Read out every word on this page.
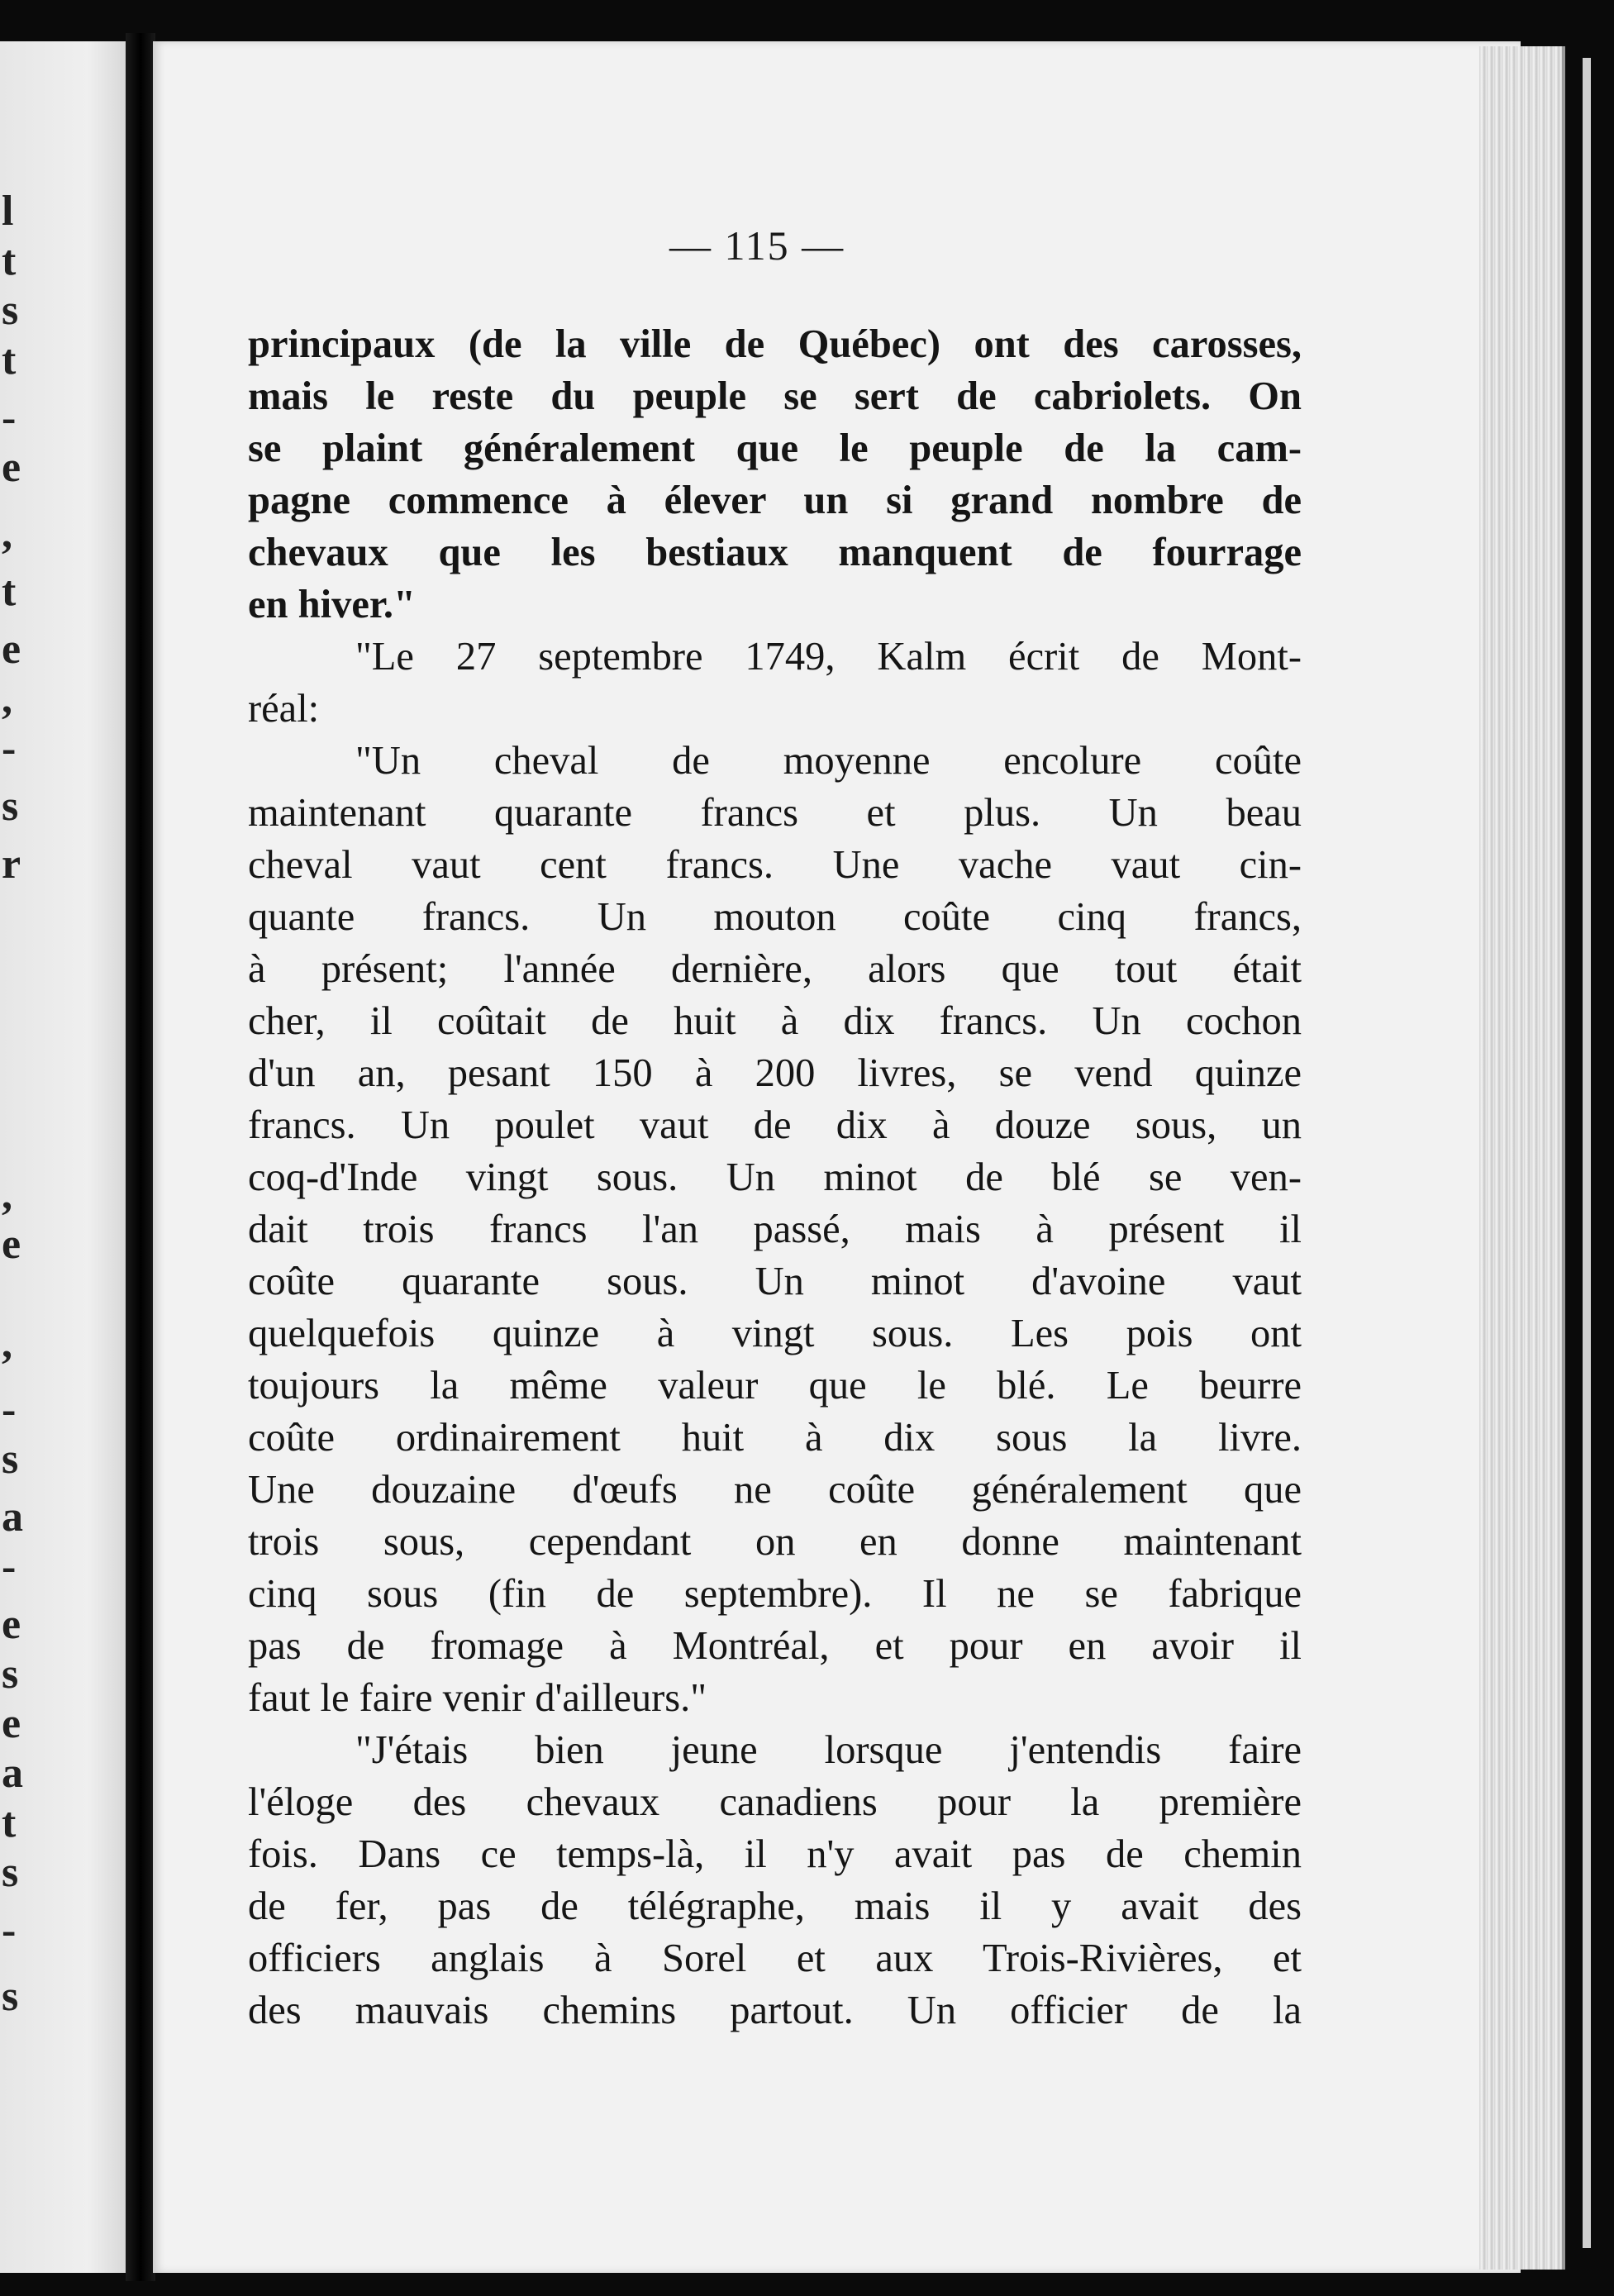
l
t
s
t
-
e
,
t
e
,
-
s
r
,
e
,
-
s
a
-
e
s
e
a
t
s
-
s
— 115 —
principaux (de la ville de Québec) ont des carosses,
mais le reste du peuple se sert de cabriolets. On
se plaint généralement que le peuple de la cam-
pagne commence à élever un si grand nombre de
chevaux que les bestiaux manquent de fourrage
en hiver."
"Le 27 septembre 1749, Kalm écrit de Mont-
réal:
"Un cheval de moyenne encolure coûte
maintenant quarante francs et plus. Un beau
cheval vaut cent francs. Une vache vaut cin-
quante francs. Un mouton coûte cinq francs,
à présent; l'année dernière, alors que tout était
cher, il coûtait de huit à dix francs. Un cochon
d'un an, pesant 150 à 200 livres, se vend quinze
francs. Un poulet vaut de dix à douze sous, un
coq-d'Inde vingt sous. Un minot de blé se ven-
dait trois francs l'an passé, mais à présent il
coûte quarante sous. Un minot d'avoine vaut
quelquefois quinze à vingt sous. Les pois ont
toujours la même valeur que le blé. Le beurre
coûte ordinairement huit à dix sous la livre.
Une douzaine d'œufs ne coûte généralement que
trois sous, cependant on en donne maintenant
cinq sous (fin de septembre). Il ne se fabrique
pas de fromage à Montréal, et pour en avoir il
faut le faire venir d'ailleurs."
"J'étais bien jeune lorsque j'entendis faire
l'éloge des chevaux canadiens pour la première
fois. Dans ce temps-là, il n'y avait pas de chemin
de fer, pas de télégraphe, mais il y avait des
officiers anglais à Sorel et aux Trois-Rivières, et
des mauvais chemins partout. Un officier de la
